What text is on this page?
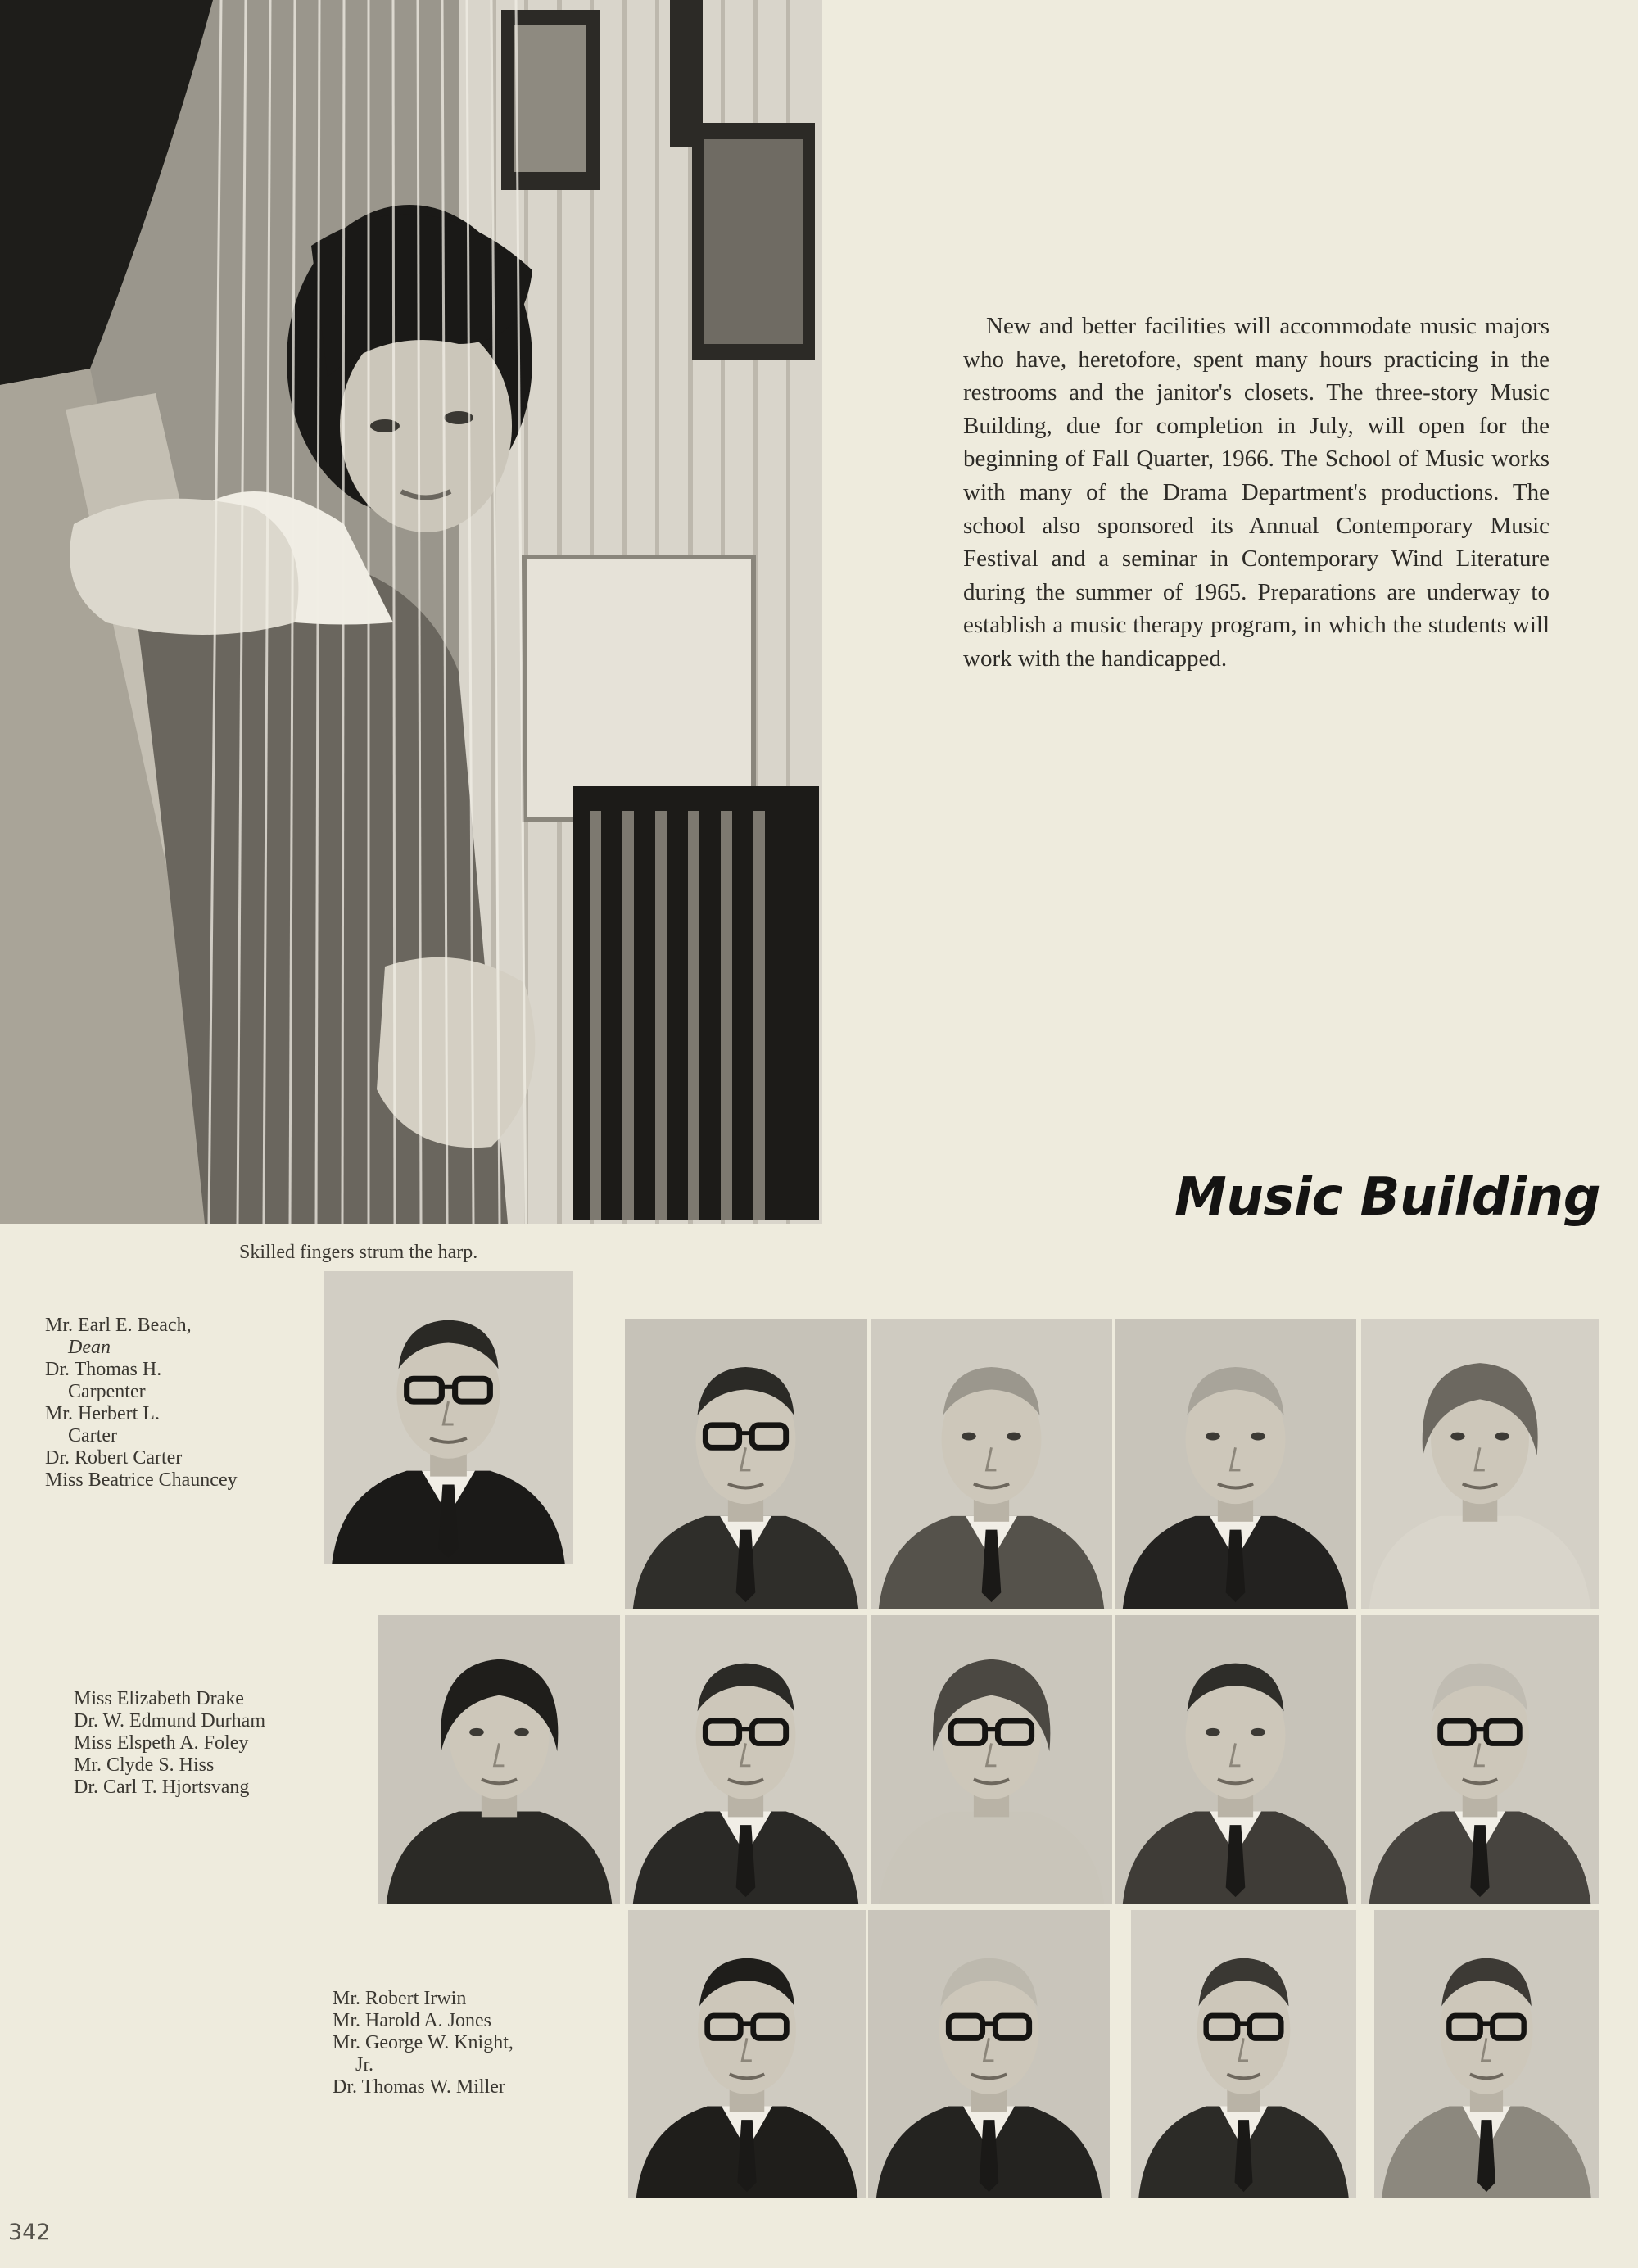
New and better facilities will accommodate music majors who have, heretofore, spent many hours practicing in the restrooms and the janitor's closets. The three-story Music Building, due for completion in July, will open for the beginning of Fall Quarter, 1966. The School of Music works with many of the Drama Department's productions. The school also sponsored its Annual Contemporary Music Festival and a seminar in Contemporary Wind Literature during the summer of 1965. Preparations are underway to establish a music therapy program, in which the students will work with the handicapped.

Music Building
Skilled fingers strum the harp.
Mr. Earl E. Beach,
Dean
Dr. Thomas H.
Carpenter
Mr. Herbert L.
Carter
Dr. Robert Carter
Miss Beatrice Chauncey
Miss Elizabeth Drake
Dr. W. Edmund Durham
Miss Elspeth A. Foley
Mr. Clyde S. Hiss
Dr. Carl T. Hjortsvang
Mr. Robert Irwin
Mr. Harold A. Jones
Mr. George W. Knight,
Jr.
Dr. Thomas W. Miller
342
